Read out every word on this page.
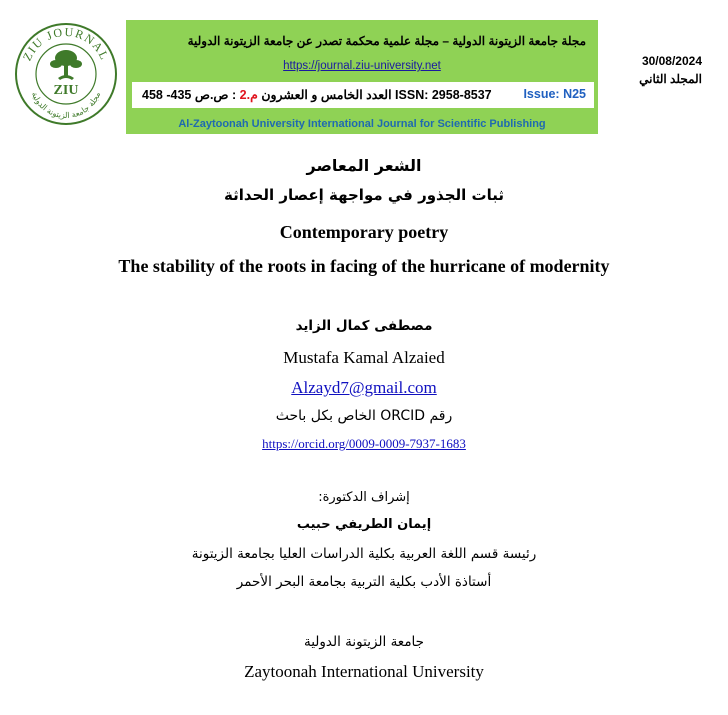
ZIU JOURNAL
مجلة جامعة الزيتونة الدولية
ZIU
مجلة جامعة الزيتونة الدولية – مجلة علمية محكمة تصدر عن جامعة الزيتونة الدولية
https://journal.ziu-university.net
ISSN: 2958-8537 العدد الخامس و العشرون م.2 : ص.ص 435- 458	Issue: N25
Al-Zaytoonah University International Journal for Scientific Publishing
30/08/2024
المجلد الثاني
الشعر المعاصر
ثبات الجذور في مواجهة إعصار الحداثة
Contemporary poetry
The stability of the roots in facing of the hurricane of modernity
مصطفى كمال الزايد
Mustafa Kamal Alzaied
Alzayd7@gmail.com
رقم ORCID الخاص بكل باحث
https://orcid.org/0009-0009-7937-1683
إشراف الدكتورة:
إيمان الطريفي حبيب
رئيسة قسم اللغة العربية بكلية الدراسات العليا بجامعة الزيتونة
أستاذة الأدب بكلية التربية بجامعة البحر الأحمر
جامعة الزيتونة الدولية
Zaytoonah International University
